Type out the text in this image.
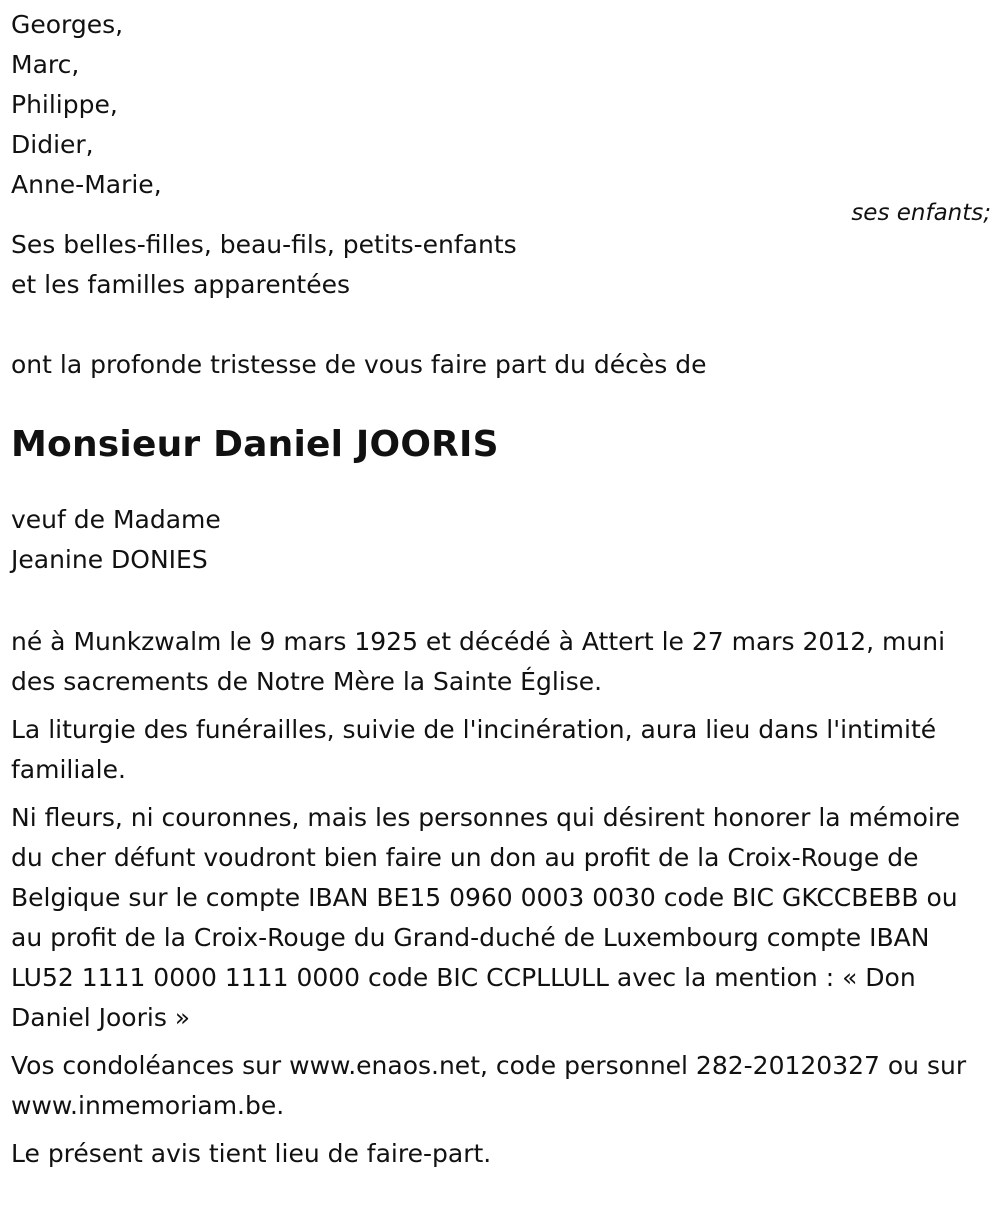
Georges,
Marc,
Philippe,
Didier,
Anne-Marie,
ses enfants;
Ses belles-filles, beau-fils, petits-enfants
et les familles apparentées
ont la profonde tristesse de vous faire part du décès de
Monsieur Daniel JOORIS
veuf de Madame
Jeanine DONIES
né à Munkzwalm le 9 mars 1925 et décédé à Attert le 27 mars 2012, muni des sacrements de Notre Mère la Sainte Église.
La liturgie des funérailles, suivie de l'incinération, aura lieu dans l'intimité familiale.
Ni fleurs, ni couronnes, mais les personnes qui désirent honorer la mémoire du cher défunt voudront bien faire un don au profit de la Croix-Rouge de Belgique sur le compte IBAN BE15 0960 0003 0030 code BIC GKCCBEBB ou au profit de la Croix-Rouge du Grand-duché de Luxembourg compte IBAN LU52 1111 0000 1111 0000 code BIC CCPLLULL avec la mention : « Don Daniel Jooris »
Vos condoléances sur www.enaos.net, code personnel 282-20120327 ou sur www.inmemoriam.be.
Le présent avis tient lieu de faire-part.
